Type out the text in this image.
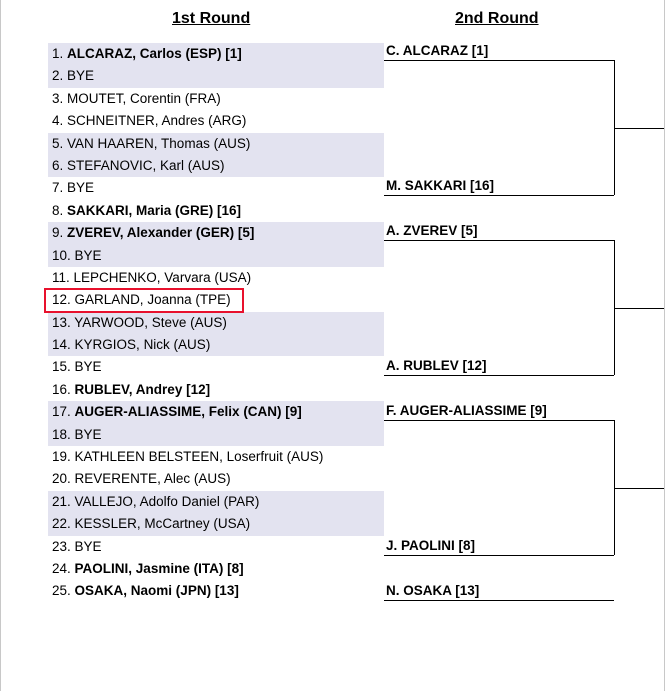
1st Round	2nd Round
1. ALCARAZ, Carlos (ESP) [1]
2. BYE
3. MOUTET, Corentin (FRA)
4. SCHNEITNER, Andres (ARG)
5. VAN HAAREN, Thomas (AUS)
6. STEFANOVIC, Karl (AUS)
7. BYE
8. SAKKARI, Maria (GRE) [16]
9. ZVEREV, Alexander (GER) [5]
10. BYE
11. LEPCHENKO, Varvara (USA)
12. GARLAND, Joanna (TPE)
13. YARWOOD, Steve (AUS)
14. KYRGIOS, Nick (AUS)
15. BYE
16. RUBLEV, Andrey [12]
17. AUGER-ALIASSIME, Felix (CAN) [9]
18. BYE
19. KATHLEEN BELSTEEN, Loserfruit (AUS)
20. REVERENTE, Alec (AUS)
21. VALLEJO, Adolfo Daniel (PAR)
22. KESSLER, McCartney (USA)
23. BYE
24. PAOLINI, Jasmine (ITA) [8]
25. OSAKA, Naomi (JPN) [13]
C. ALCARAZ [1]
M. SAKKARI [16]
A. ZVEREV [5]
A. RUBLEV [12]
F. AUGER-ALIASSIME [9]
J. PAOLINI [8]
N. OSAKA [13]
